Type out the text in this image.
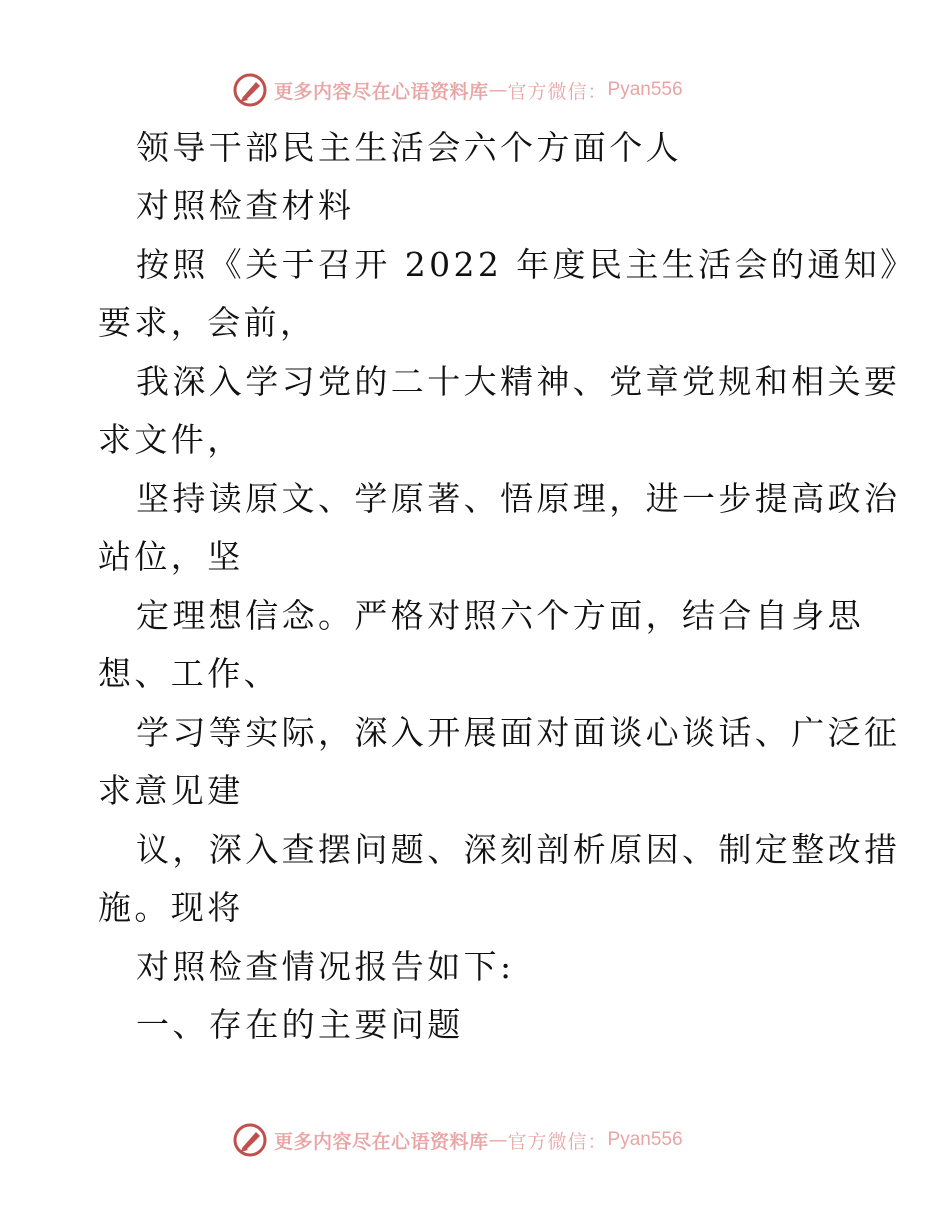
更多内容尽在心语资料库 — 官方微信： Pyan556
领导干部民主生活会六个方面个人
对照检查材料
按照《关于召开 2022 年度民主生活会的通知》
要求，会前，
我深入学习党的二十大精神、党章党规和相关要
求文件，
坚持读原文、学原著、悟原理，进一步提高政治
站位，坚
定理想信念。严格对照六个方面，结合自身思
想、工作、
学习等实际，深入开展面对面谈心谈话、广泛征
求意见建
议，深入查摆问题、深刻剖析原因、制定整改措
施。现将
对照检查情况报告如下:
一、存在的主要问题
更多内容尽在心语资料库 — 官方微信： Pyan556
